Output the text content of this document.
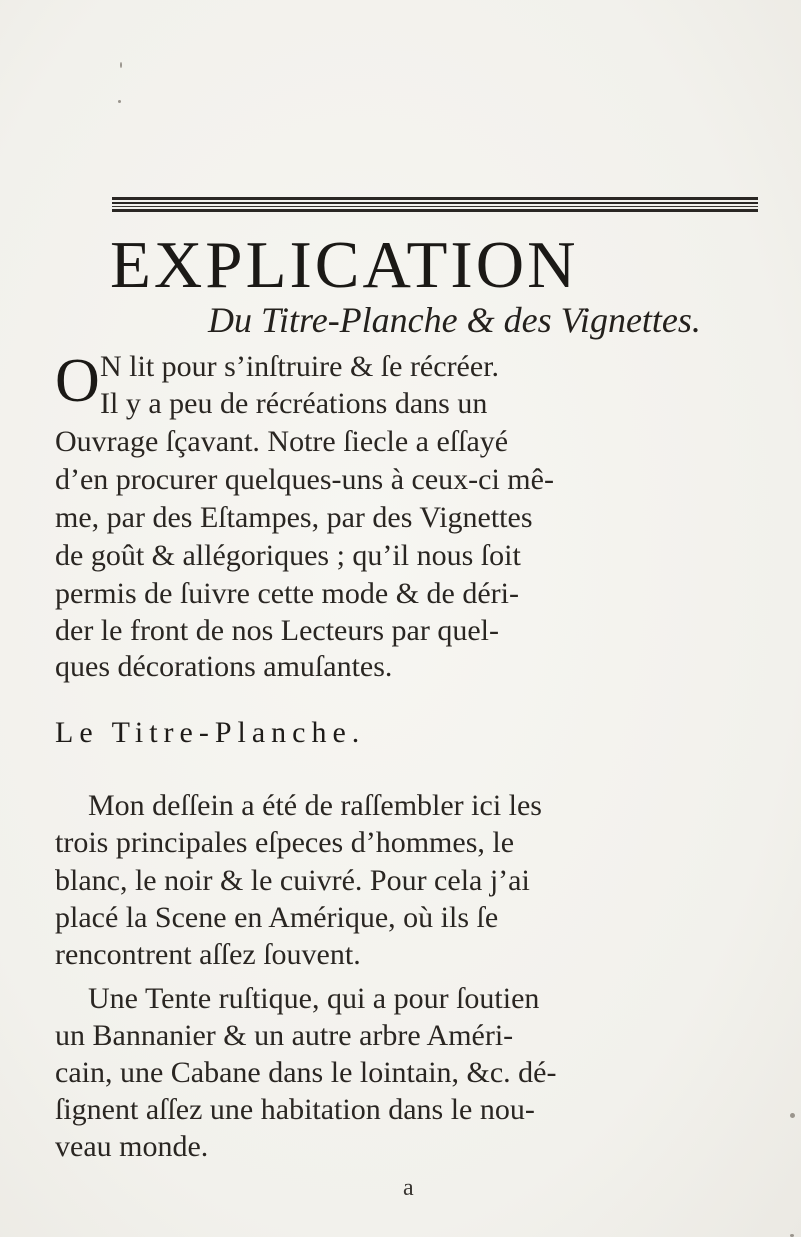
EXPLICATION
Du Titre-Planche & des Vignettes.
O N lit pour s’inſtruire & ſe récréer.
Il y a peu de récréations dans un
Ouvrage ſçavant. Notre ſiecle a eſſayé
d’en procurer quelques-uns à ceux-ci mê-
me, par des Eſtampes, par des Vignettes
de goût & allégoriques ; qu’il nous ſoit
permis de ſuivre cette mode & de déri-
der le front de nos Lecteurs par quel-
ques décorations amuſantes.
Le Titre-Planche.
Mon deſſein a été de raſſembler ici les
trois principales eſpeces d’hommes, le
blanc, le noir & le cuivré. Pour cela j’ai
placé la Scene en Amérique, où ils ſe
rencontrent aſſez ſouvent.
Une Tente ruſtique, qui a pour ſoutien
un Bannanier & un autre arbre Améri-
cain, une Cabane dans le lointain, &c. dé-
ſignent aſſez une habitation dans le nou-
veau monde.
a
